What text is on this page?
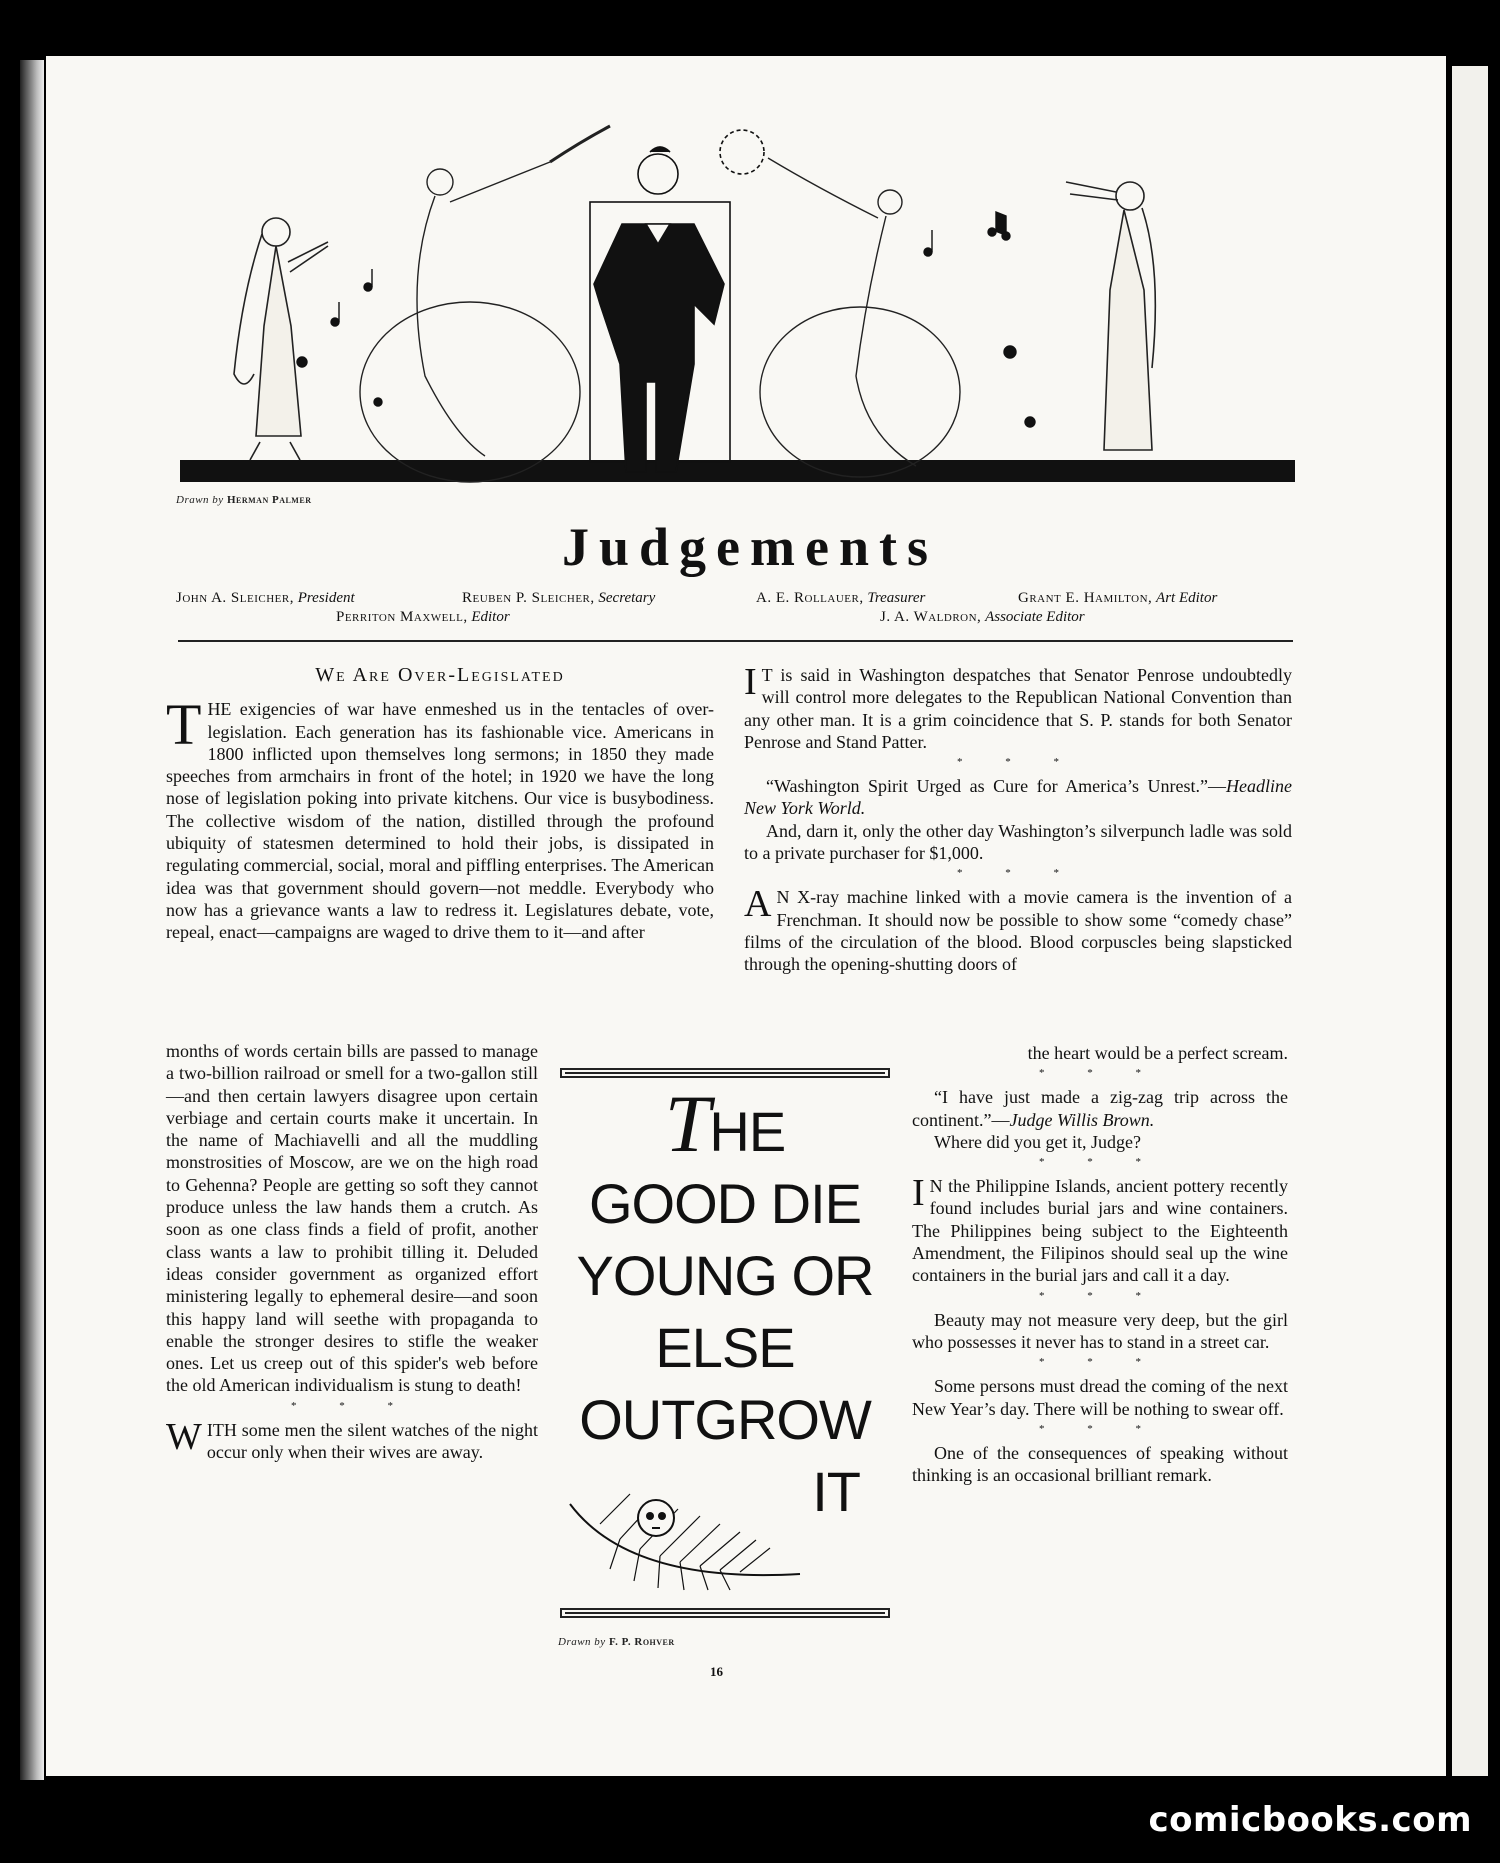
Drawn by Herman Palmer
Judgements
John A. Sleicher, President	Reuben P. Sleicher, Secretary	A. E. Rollauer, Treasurer	Grant E. Hamilton, Art Editor
Perriton Maxwell, Editor	J. A. Waldron, Associate Editor
We Are Over-Legislated

THE exigencies of war have enmeshed us in the tentacles of over-legislation. Each generation has its fashionable vice. Americans in 1800 inflicted upon themselves long sermons; in 1850 they made speeches from armchairs in front of the hotel; in 1920 we have the long nose of legislation poking into private kitchens. Our vice is busybodiness. The collective wisdom of the nation, distilled through the profound ubiquity of statesmen determined to hold their jobs, is dissipated in regulating commercial, social, moral and piffling enterprises. The American idea was that government should govern—not meddle. Everybody who now has a grievance wants a law to redress it. Legislatures debate, vote, repeal, enact—campaigns are waged to drive them to it—and after

months of words certain bills are passed to manage a two-billion railroad or smell for a two-gallon still—and then certain lawyers disagree upon certain verbiage and certain courts make it uncertain. In the name of Machiavelli and all the muddling monstrosities of Moscow, are we on the high road to Gehenna? People are getting so soft they cannot produce unless the law hands them a crutch. As soon as one class finds a field of profit, another class wants a law to prohibit tilling it. Deluded ideas consider government as organized effort ministering legally to ephemeral desire—and soon this happy land will seethe with propaganda to enable the stronger desires to stifle the weaker ones. Let us creep out of this spider's web before the old American individualism is stung to death!

* * *

WITH some men the silent watches of the night occur only when their wives are away.

I T is said in Washington despatches that Senator Penrose undoubtedly will control more delegates to the Republican National Convention than any other man. It is a grim coincidence that S. P. stands for both Senator Penrose and Stand Patter.

* * *

“Washington Spirit Urged as Cure for America’s Unrest.”—Headline New York World.

And, darn it, only the other day Washington’s silverpunch ladle was sold to a private purchaser for $1,000.

* * *

A N X-ray machine linked with a movie camera is the invention of a Frenchman. It should now be possible to show some “comedy chase” films of the circulation of the blood. Blood corpuscles being slapsticked through the opening-shutting doors of

the heart would be a perfect scream.

* * *

“I have just made a zig-zag trip across the continent.”—Judge Willis Brown.

Where did you get it, Judge?

* * *

I N the Philippine Islands, ancient pottery recently found includes burial jars and wine containers. The Philippines being subject to the Eighteenth Amendment, the Filipinos should seal up the wine containers in the burial jars and call it a day.

* * *

Beauty may not measure very deep, but the girl who possesses it never has to stand in a street car.

* * *

Some persons must dread the coming of the next New Year’s day. There will be nothing to swear off.

* * *

One of the consequences of speaking without thinking is an occasional brilliant remark.

THE
GOOD DIE
YOUNG OR
ELSE
OUTGROW
IT
Drawn by F. P. Rohver
16
comicbooks.com
